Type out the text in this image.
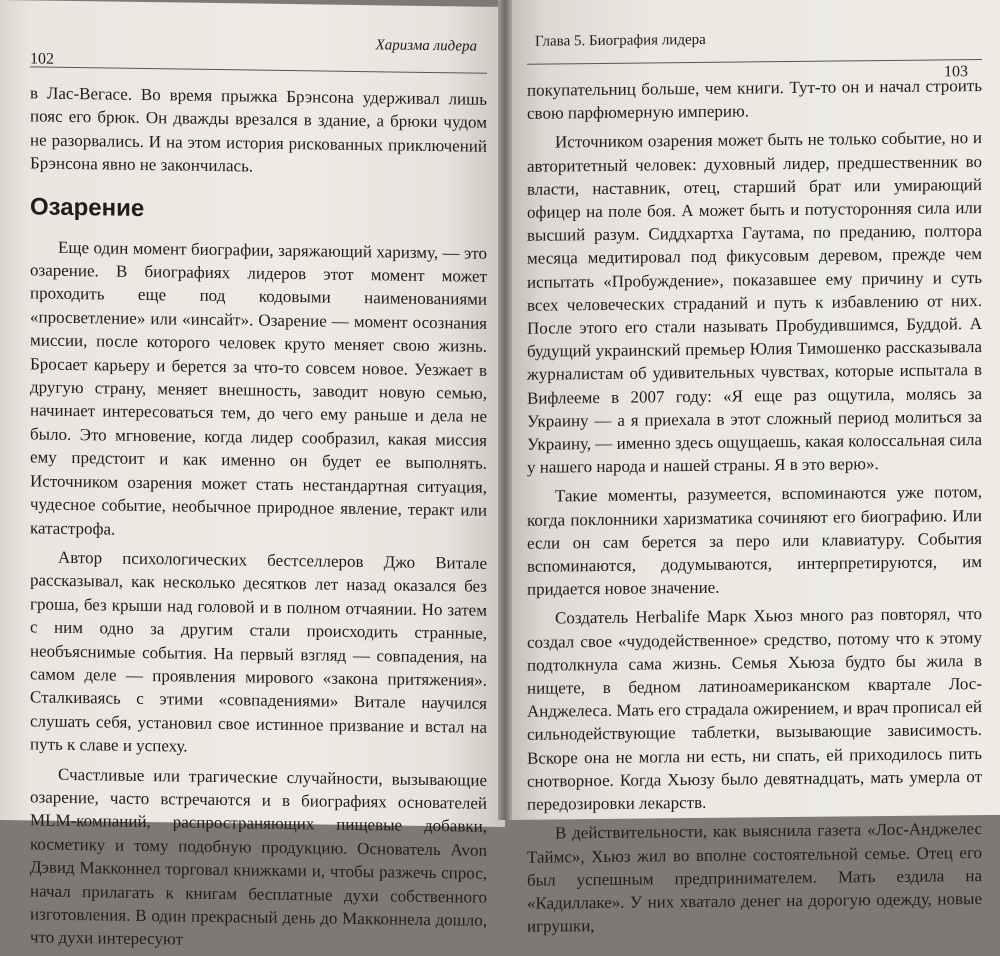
102
Харизма лидера

в Лас-Вегасе. Во время прыжка Брэнсона удерживал лишь пояс его брюк. Он дважды врезался в здание, а брюки чудом не разорвались. И на этом история рискованных приключений Брэнсона явно не закончилась.

Озарение

Еще один момент биографии, заряжающий харизму, — это озарение. В биографиях лидеров этот момент может проходить еще под кодовыми наименованиями «просветление» или «инсайт». Озарение — момент осознания миссии, после которого человек круто меняет свою жизнь. Бросает карьеру и берется за что-то совсем новое. Уезжает в другую страну, меняет внешность, заводит новую семью, начинает интересоваться тем, до чего ему раньше и дела не было. Это мгновение, когда лидер сообразил, какая миссия ему предстоит и как именно он будет ее выполнять. Источником озарения может стать нестандартная ситуация, чудесное событие, необычное природное явление, теракт или катастрофа.

Автор психологических бестселлеров Джо Витале рассказывал, как несколько десятков лет назад оказался без гроша, без крыши над головой и в полном отчаянии. Но затем с ним одно за другим стали происходить странные, необъяснимые события. На первый взгляд — совпадения, на самом деле — проявления мирового «закона притяжения». Сталкиваясь с этими «совпадениями» Витале научился слушать себя, установил свое истинное призвание и встал на путь к славе и успеху.

Счастливые или трагические случайности, вызывающие озарение, часто встречаются и в биографиях основателей MLM-компаний, распространяющих пищевые добавки, косметику и тому подобную продукцию. Основатель Avon Дэвид Макконнел торговал книжками и, чтобы разжечь спрос, начал прилагать к книгам бесплатные духи собственного изготовления. В один прекрасный день до Макконнела дошло, что духи интересуют

Глава 5. Биография лидера
103

покупательниц больше, чем книги. Тут-то он и начал строить свою парфюмерную империю.

Источником озарения может быть не только событие, но и авторитетный человек: духовный лидер, предшественник во власти, наставник, отец, старший брат или умирающий офицер на поле боя. А может быть и потусторонняя сила или высший разум. Сиддхартха Гаутама, по преданию, полтора месяца медитировал под фикусовым деревом, прежде чем испытать «Пробуждение», показавшее ему причину и суть всех человеческих страданий и путь к избавлению от них. После этого его стали называть Пробудившимся, Буддой. А будущий украинский премьер Юлия Тимошенко рассказывала журналистам об удивительных чувствах, которые испытала в Вифлееме в 2007 году: «Я еще раз ощутила, молясь за Украину — а я приехала в этот сложный период молиться за Украину, — именно здесь ощущаешь, какая колоссальная сила у нашего народа и нашей страны. Я в это верю».

Такие моменты, разумеется, вспоминаются уже потом, когда поклонники харизматика сочиняют его биографию. Или если он сам берется за перо или клавиатуру. События вспоминаются, додумываются, интерпретируются, им придается новое значение.

Создатель Herbalife Марк Хьюз много раз повторял, что создал свое «чудодейственное» средство, потому что к этому подтолкнула сама жизнь. Семья Хьюза будто бы жила в нищете, в бедном латиноамериканском квартале Лос-Анджелеса. Мать его страдала ожирением, и врач прописал ей сильнодействующие таблетки, вызывающие зависимость. Вскоре она не могла ни есть, ни спать, ей приходилось пить снотворное. Когда Хьюзу было девятнадцать, мать умерла от передозировки лекарств.

В действительности, как выяснила газета «Лос-Анджелес Таймс», Хьюз жил во вполне состоятельной семье. Отец его был успешным предпринимателем. Мать ездила на «Кадиллаке». У них хватало денег на дорогую одежду, новые игрушки,
